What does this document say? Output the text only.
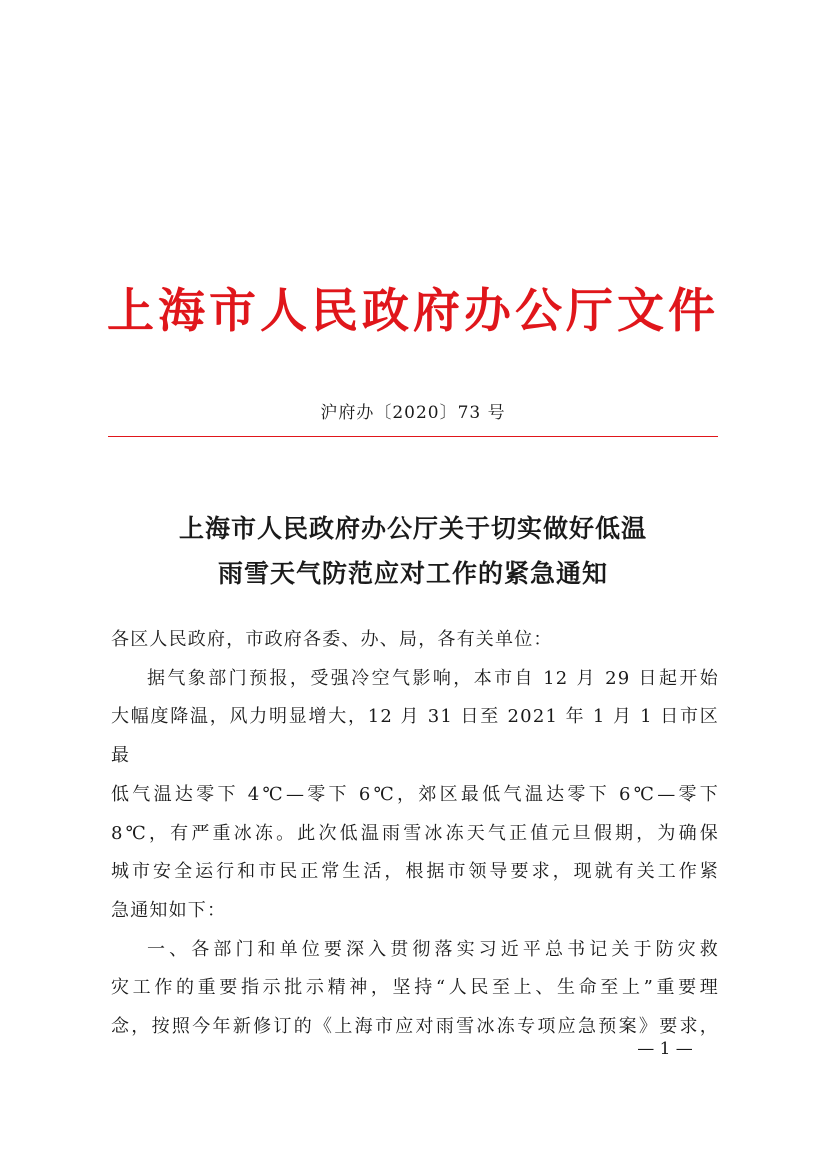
上海市人民政府办公厅文件
沪府办〔2020〕73 号
上海市人民政府办公厅关于切实做好低温
雨雪天气防范应对工作的紧急通知

各区人民政府，市政府各委、办、局，各有关单位：

据气象部门预报，受强冷空气影响，本市自 12 月 29 日起开始
大幅度降温，风力明显增大，12 月 31 日至 2021 年 1 月 1 日市区最
低气温达零下 4℃—零下 6℃，郊区最低气温达零下 6℃—零下
8℃，有严重冰冻。此次低温雨雪冰冻天气正值元旦假期，为确保
城市安全运行和市民正常生活，根据市领导要求，现就有关工作紧
急通知如下：

一、各部门和单位要深入贯彻落实习近平总书记关于防灾救
灾工作的重要指示批示精神，坚持“人民至上、生命至上”重要理
念，按照今年新修订的《上海市应对雨雪冰冻专项应急预案》要求，

— 1 —
